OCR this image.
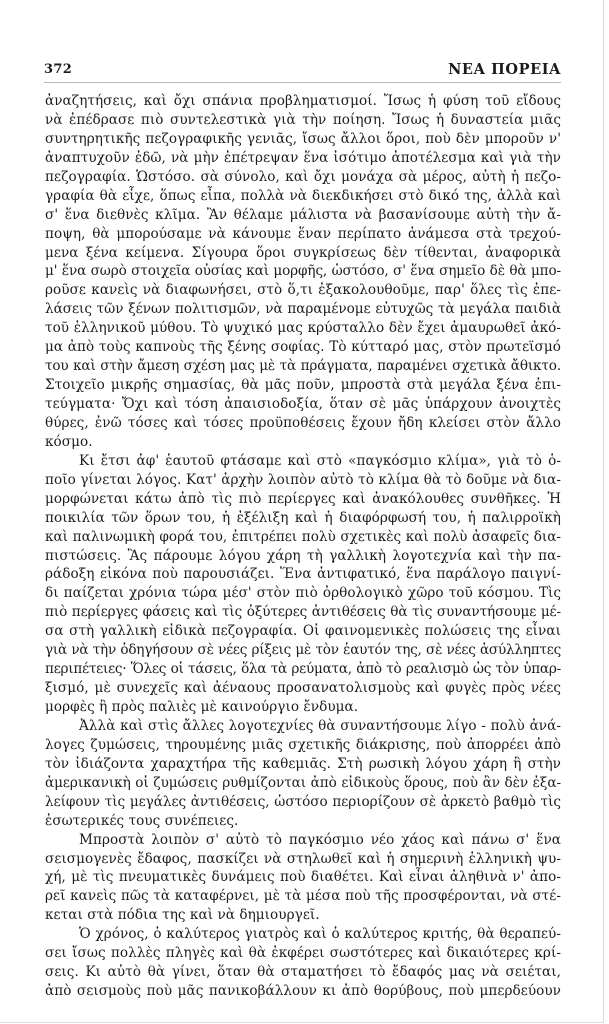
372	ΝΕΑ ΠΟΡΕΙΑ
ἀναζητήσεις, καὶ ὄχι σπάνια προβληματισμοί. Ἴσως ἡ φύση τοῦ εἴδους
νὰ ἐπέδρασε πιὸ συντελεστικὰ γιὰ τὴν ποίηση. Ἴσως ἡ δυναστεία μιᾶς
συντηρητικῆς πεζογραφικῆς γενιᾶς, ἴσως ἄλλοι ὅροι, ποὺ δὲν μποροῦν ν'
ἀναπτυχοῦν ἐδῶ, νὰ μὴν ἐπέτρεψαν ἕνα ἰσότιμο ἀποτέλεσμα καὶ γιὰ τὴν
πεζογραφία. Ὡστόσο. σὰ σύνολο, καὶ ὄχι μονάχα σὰ μέρος, αὐτὴ ἡ πεζο-
γραφία θὰ εἶχε, ὅπως εἶπα, πολλὰ νὰ διεκδικήσει στὸ δικό της, ἀλλὰ καὶ
σ' ἕνα διεθνὲς κλῖμα. Ἂν θέλαμε μάλιστα νὰ βασανίσουμε αὐτὴ τὴν ἄ-
ποψη, θὰ μπορούσαμε νὰ κάνουμε ἕναν περίπατο ἀνάμεσα στὰ τρεχού-
μενα ξένα κείμενα. Σίγουρα ὅροι συγκρίσεως δὲν τίθενται, ἀναφορικὰ
μ' ἕνα σωρὸ στοιχεῖα οὐσίας καὶ μορφῆς, ὡστόσο, σ' ἕνα σημεῖο δὲ θὰ μπο-
ροῦσε κανεὶς νὰ διαφωνήσει, στὸ ὅ,τι ἐξακολουθοῦμε, παρ' ὅλες τὶς ἐπε-
λάσεις τῶν ξένων πολιτισμῶν, νὰ παραμένομε εὐτυχῶς τὰ μεγάλα παιδιὰ
τοῦ ἑλληνικοῦ μύθου. Τὸ ψυχικό μας κρύσταλλο δὲν ἔχει ἀμαυρωθεῖ ἀκό-
μα ἀπὸ τοὺς καπνοὺς τῆς ξένης σοφίας. Τὸ κύτταρό μας, στὸν πρωτεϊσμό
του καὶ στὴν ἄμεση σχέση μας μὲ τὰ πράγματα, παραμένει σχετικὰ ἄθικτο.
Στοιχεῖο μικρῆς σημασίας, θὰ μᾶς ποῦν, μπροστὰ στὰ μεγάλα ξένα ἐπι-
τεύγματα· Ὄχι καὶ τόση ἀπαισιοδοξία, ὅταν σὲ μᾶς ὑπάρχουν ἀνοιχτὲς
θύρες, ἐνῶ τόσες καὶ τόσες προϋποθέσεις ἔχουν ἤδη κλείσει στὸν ἄλλο
κόσμο.
Κι ἔτσι ἀφ' ἑαυτοῦ φτάσαμε καὶ στὸ «παγκόσμιο κλίμα», γιὰ τὸ ὁ-
ποῖο γίνεται λόγος. Κατ' ἀρχὴν λοιπὸν αὐτὸ τὸ κλίμα θὰ τὸ δοῦμε νὰ δια-
μορφώνεται κάτω ἀπὸ τὶς πιὸ περίεργες καὶ ἀνακόλουθες συνθῆκες. Ἡ
ποικιλία τῶν ὅρων του, ἡ ἐξέλιξη καὶ ἡ διαφόρφωσή του, ἡ παλιρροϊκὴ
καὶ παλινωμικὴ φορά του, ἐπιτρέπει πολὺ σχετικὲς καὶ πολὺ ἀσαφεῖς δια-
πιστώσεις. Ἂς πάρουμε λόγου χάρη τὴ γαλλικὴ λογοτεχνία καὶ τὴν πα-
ράδοξη εἰκόνα ποὺ παρουσιάζει. Ἕνα ἀντιφατικό, ἕνα παράλογο παιγνί-
δι παίζεται χρόνια τώρα μέσ' στὸν πιὸ ὀρθολογικὸ χῶρο τοῦ κόσμου. Τὶς
πιὸ περίεργες φάσεις καὶ τὶς ὀξύτερες ἀντιθέσεις θὰ τὶς συναντήσουμε μέ-
σα στὴ γαλλικὴ εἰδικὰ πεζογραφία. Οἱ φαινομενικὲς πολώσεις της εἶναι
γιὰ νὰ τὴν ὁδηγήσουν σὲ νέες ρίξεις μὲ τὸν ἑαυτόν της, σὲ νέες ἀσύλληπτες
περιπέτειες· Ὅλες οἱ τάσεις, ὅλα τὰ ρεύματα, ἀπὸ τὸ ρεαλισμὸ ὡς τὸν ὑπαρ-
ξισμό, μὲ συνεχεῖς καὶ ἀέναους προσανατολισμοὺς καὶ φυγὲς πρὸς νέες
μορφὲς ἢ πρὸς παλιὲς μὲ καινούργιο ἔνδυμα.
Ἀλλὰ καὶ στὶς ἄλλες λογοτεχνίες θὰ συναντήσουμε λίγο - πολὺ ἀνά-
λογες ζυμώσεις, τηρουμένης μιᾶς σχετικῆς διάκρισης, ποὺ ἀπορρέει ἀπὸ
τὸν ἰδιάζοντα χαραχτήρα τῆς καθεμιᾶς. Στὴ ρωσικὴ λόγου χάρη ἢ στὴν
ἀμερικανικὴ οἱ ζυμώσεις ρυθμίζονται ἀπὸ εἰδικοὺς ὅρους, ποὺ ἂν δὲν ἐξα-
λείφουν τὶς μεγάλες ἀντιθέσεις, ὡστόσο περιορίζουν σὲ ἀρκετὸ βαθμὸ τὶς
ἐσωτερικές τους συνέπειες.
Μπροστὰ λοιπὸν σ' αὐτὸ τὸ παγκόσμιο νέο χάος καὶ πάνω σ' ἕνα
σεισμογενὲς ἔδαφος, πασκίζει νὰ στηλωθεῖ καὶ ἡ σημερινὴ ἑλληνικὴ ψυ-
χή, μὲ τὶς πνευματικὲς δυνάμεις ποὺ διαθέτει. Καὶ εἶναι ἀληθινὰ ν' ἀπο-
ρεῖ κανεὶς πῶς τὰ καταφέρνει, μὲ τὰ μέσα ποὺ τῆς προσφέρονται, νὰ στέ-
κεται στὰ πόδια της καὶ νὰ δημιουργεῖ.
Ὁ χρόνος, ὁ καλύτερος γιατρὸς καὶ ὁ καλύτερος κριτής, θὰ θεραπεύ-
σει ἴσως πολλὲς πληγὲς καὶ θὰ ἐκφέρει σωστότερες καὶ δικαιότερες κρί-
σεις. Κι αὐτὸ θὰ γίνει, ὅταν θὰ σταματήσει τὸ ἔδαφός μας νὰ σειέται,
ἀπὸ σεισμοὺς ποὺ μᾶς πανικοβάλλουν κι ἀπὸ θορύβους, ποὺ μπερδεύουν
